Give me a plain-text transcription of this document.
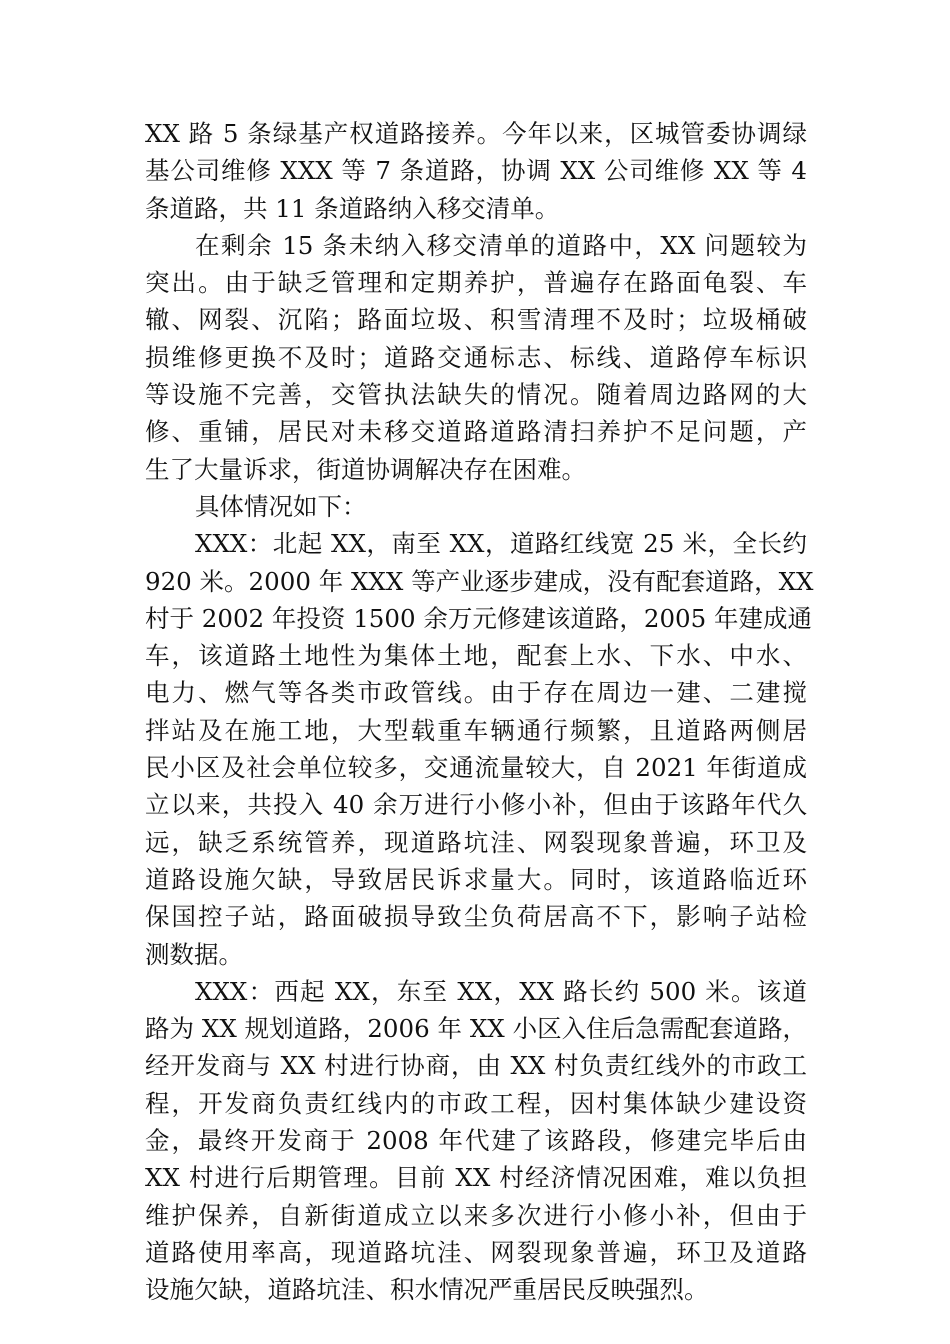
XX 路 5 条绿基产权道路接养。今年以来，区城管委协调绿
基公司维修 XXX 等 7 条道路，协调 XX 公司维修 XX 等 4
条道路，共 11 条道路纳入移交清单。
在剩余 15 条未纳入移交清单的道路中，XX 问题较为
突出。由于缺乏管理和定期养护，普遍存在路面龟裂、车
辙、网裂、沉陷；路面垃圾、积雪清理不及时；垃圾桶破
损维修更换不及时；道路交通标志、标线、道路停车标识
等设施不完善，交管执法缺失的情况。随着周边路网的大
修、重铺，居民对未移交道路道路清扫养护不足问题，产
生了大量诉求，街道协调解决存在困难。
具体情况如下：
XXX：北起 XX，南至 XX，道路红线宽 25 米，全长约
920 米。2000 年 XXX 等产业逐步建成，没有配套道路，XX
村于 2002 年投资 1500 余万元修建该道路，2005 年建成通
车，该道路土地性为集体土地，配套上水、下水、中水、
电力、燃气等各类市政管线。由于存在周边一建、二建搅
拌站及在施工地，大型载重车辆通行频繁，且道路两侧居
民小区及社会单位较多，交通流量较大，自 2021 年街道成
立以来，共投入 40 余万进行小修小补，但由于该路年代久
远，缺乏系统管养，现道路坑洼、网裂现象普遍，环卫及
道路设施欠缺，导致居民诉求量大。同时，该道路临近环
保国控子站，路面破损导致尘负荷居高不下，影响子站检
测数据。
XXX：西起 XX，东至 XX，XX 路长约 500 米。该道
路为 XX 规划道路，2006 年 XX 小区入住后急需配套道路，
经开发商与 XX 村进行协商，由 XX 村负责红线外的市政工
程，开发商负责红线内的市政工程，因村集体缺少建设资
金，最终开发商于 2008 年代建了该路段，修建完毕后由
XX 村进行后期管理。目前 XX 村经济情况困难，难以负担
维护保养，自新街道成立以来多次进行小修小补，但由于
道路使用率高，现道路坑洼、网裂现象普遍，环卫及道路
设施欠缺，道路坑洼、积水情况严重居民反映强烈。
